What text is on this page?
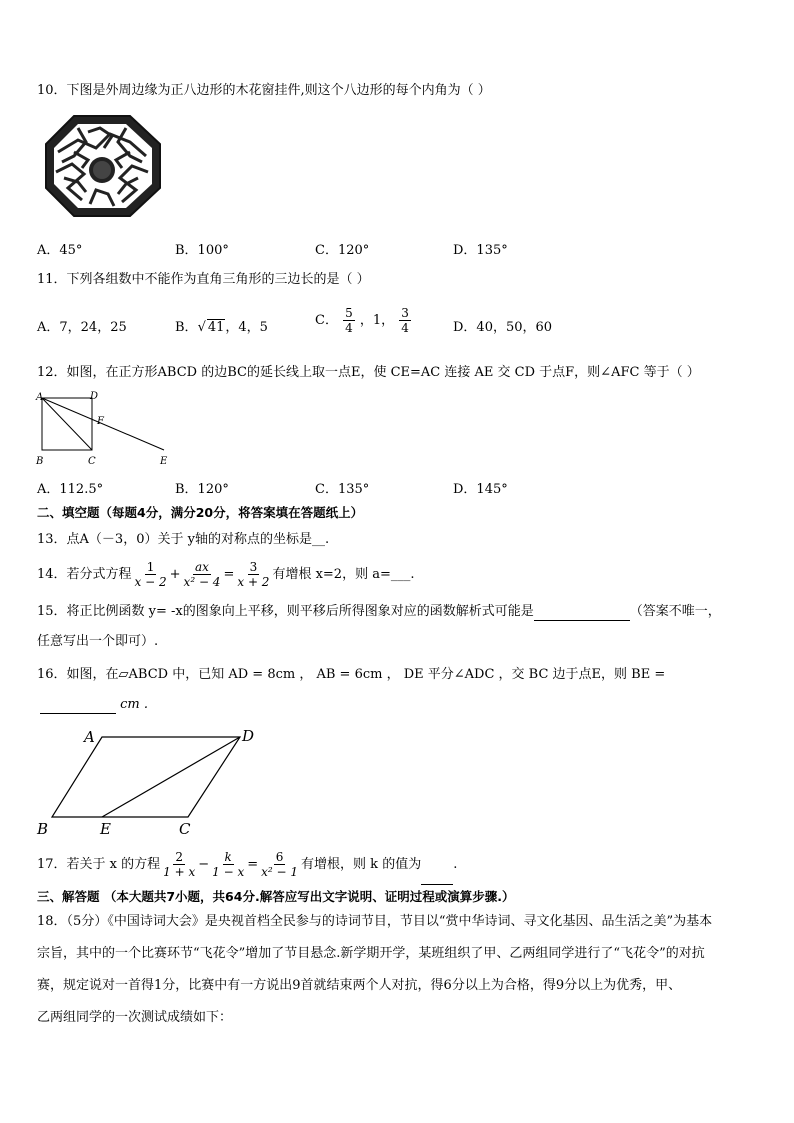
10．下图是外周边缘为正八边形的木花窗挂件,则这个八边形的每个内角为（ ）
A．45°	B．100°	C．120°	D．135°
11．下列各组数中不能作为直角三角形的三边长的是（ ）
A．7，24，25	B．√ 41，4，5	C． $\frac{5}{4}$ ，1， $\frac{3}{4}$	D．40，50，60
12．如图，在正方形ABCD 的边BC的延长线上取一点E，使 CE=AC 连接 AE 交 CD 于点F，则∠AFC 等于（ ）
A	D
F
B	C	E
A．112.5°	B．120°	C．135°	D．145°
二、填空题（每题4分，满分20分，将答案填在答题纸上）
13．点A（－3，0）关于 y轴的对称点的坐标是__.
14．若分式方程 $\frac{1}{x - 2} + \frac{ax}{\text{x² − 4}} = \frac{3}{x + 2}$ 有增根 x=2，则 a=___.
15．将正比例函数 y= -x的图象向上平移，则平移后所得图象对应的函数解析式可能是	（答案不唯一，
任意写出一个即可）.
16．如图，在▱ABCD 中，已知 AD = 8cm ， AB = 6cm ， DE 平分∠ADC ，交 BC 边于点E，则 BE =
cm .
A	D
B	E	C
17．若关于 x 的方程 $\frac{2}{1 + x} - \frac{k}{1 - x} = \frac{6}{\text{x² − 1}}$ 有增根，则 k 的值为 .
三、解答题 （本大题共7小题，共64分.解答应写出文字说明、证明过程或演算步骤.）
18．（5分）《中国诗词大会》是央视首档全民参与的诗词节目，节目以“赏中华诗词、寻文化基因、品生活之美”为基本
宗旨，其中的一个比赛环节“飞花令”增加了节目悬念.新学期开学，某班组织了甲、乙两组同学进行了“飞花令”的对抗
赛，规定说对一首得1分，比赛中有一方说出9首就结束两个人对抗，得6分以上为合格，得9分以上为优秀，甲、
乙两组同学的一次测试成绩如下：
